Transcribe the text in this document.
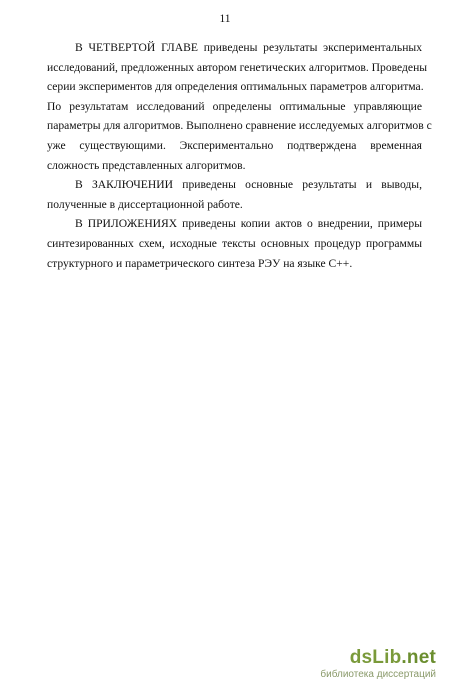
11
В ЧЕТВЕРТОЙ ГЛАВЕ приведены результаты экспериментальных
исследований, предложенных автором генетических алгоритмов. Проведены
серии экспериментов для определения оптимальных параметров алгоритма.
По результатам исследований определены оптимальные управляющие
параметры для алгоритмов. Выполнено сравнение исследуемых алгоритмов с
уже существующими. Экспериментально подтверждена временная
сложность представленных алгоритмов.
В ЗАКЛЮЧЕНИИ приведены основные результаты и выводы,
полученные в диссертационной работе.
В ПРИЛОЖЕНИЯХ приведены копии актов о внедрении, примеры
синтезированных схем, исходные тексты основных процедур программы
структурного и параметрического синтеза РЭУ на языке С++.
dsLib.net
библиотека диссертаций
